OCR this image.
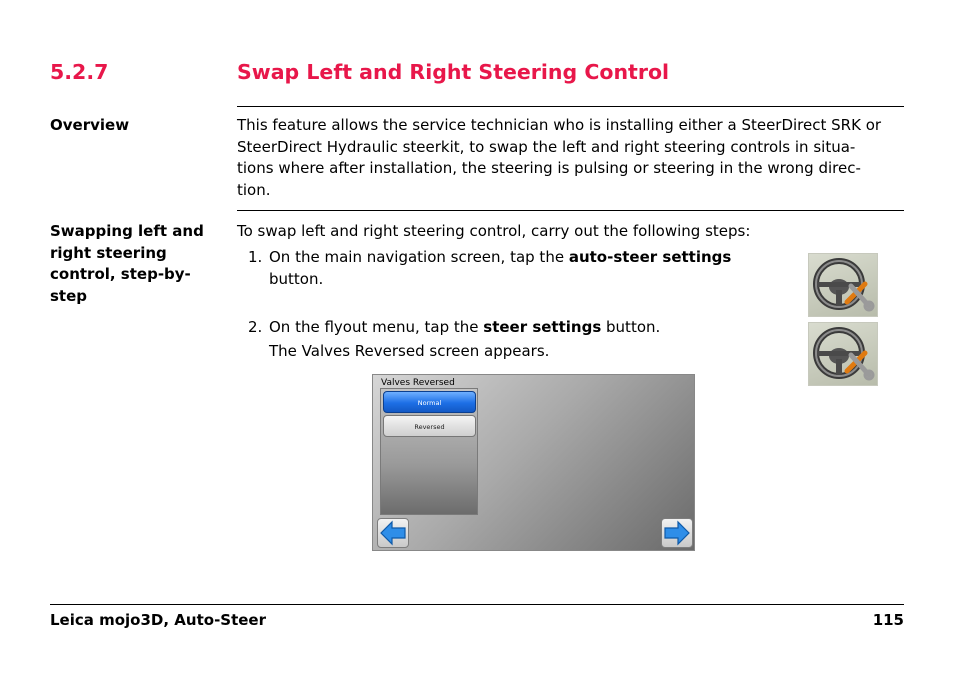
5.2.7	Swap Left and Right Steering Control
Overview	This feature allows the service technician who is installing either a SteerDirect SRK or
SteerDirect Hydraulic steerkit, to swap the left and right steering controls in situa-
tions where after installation, the steering is pulsing or steering in the wrong direc-
tion.
Swapping left and
right steering
control, step-by-
step
To swap left and right steering control, carry out the following steps:
1. On the main navigation screen, tap the auto-steer settings
button.
2. On the flyout menu, tap the steer settings button.
The Valves Reversed screen appears.
Valves Reversed
Normal
Reversed
Leica mojo3D, Auto-Steer	115
